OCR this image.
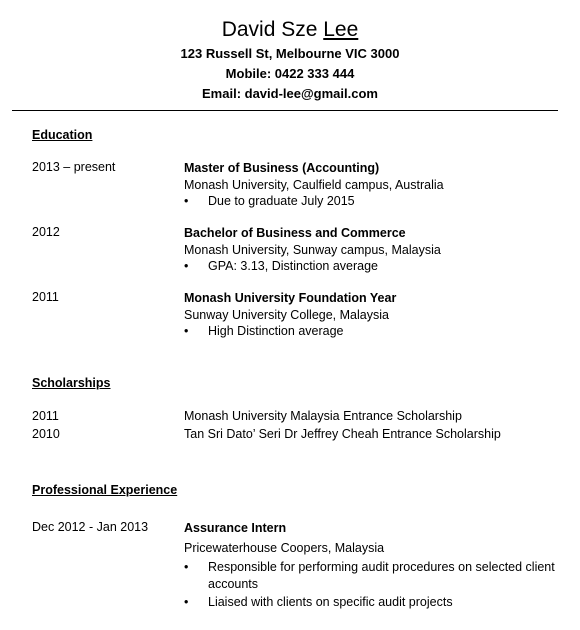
David Sze Lee
123 Russell St, Melbourne VIC 3000
Mobile: 0422 333 444
Email: david-lee@gmail.com
Education
2013 – present	Master of Business (Accounting)
Monash University, Caulfield campus, Australia
• Due to graduate July 2015
2012	Bachelor of Business and Commerce
Monash University, Sunway campus, Malaysia
• GPA: 3.13, Distinction average
2011	Monash University Foundation Year
Sunway University College, Malaysia
• High Distinction average
Scholarships
2011	Monash University Malaysia Entrance Scholarship
2010	Tan Sri Dato’ Seri Dr Jeffrey Cheah Entrance Scholarship
Professional Experience
Dec 2012 - Jan 2013	Assurance Intern
Pricewaterhouse Coopers, Malaysia
• Responsible for performing audit procedures on selected client accounts
• Liaised with clients on specific audit projects
